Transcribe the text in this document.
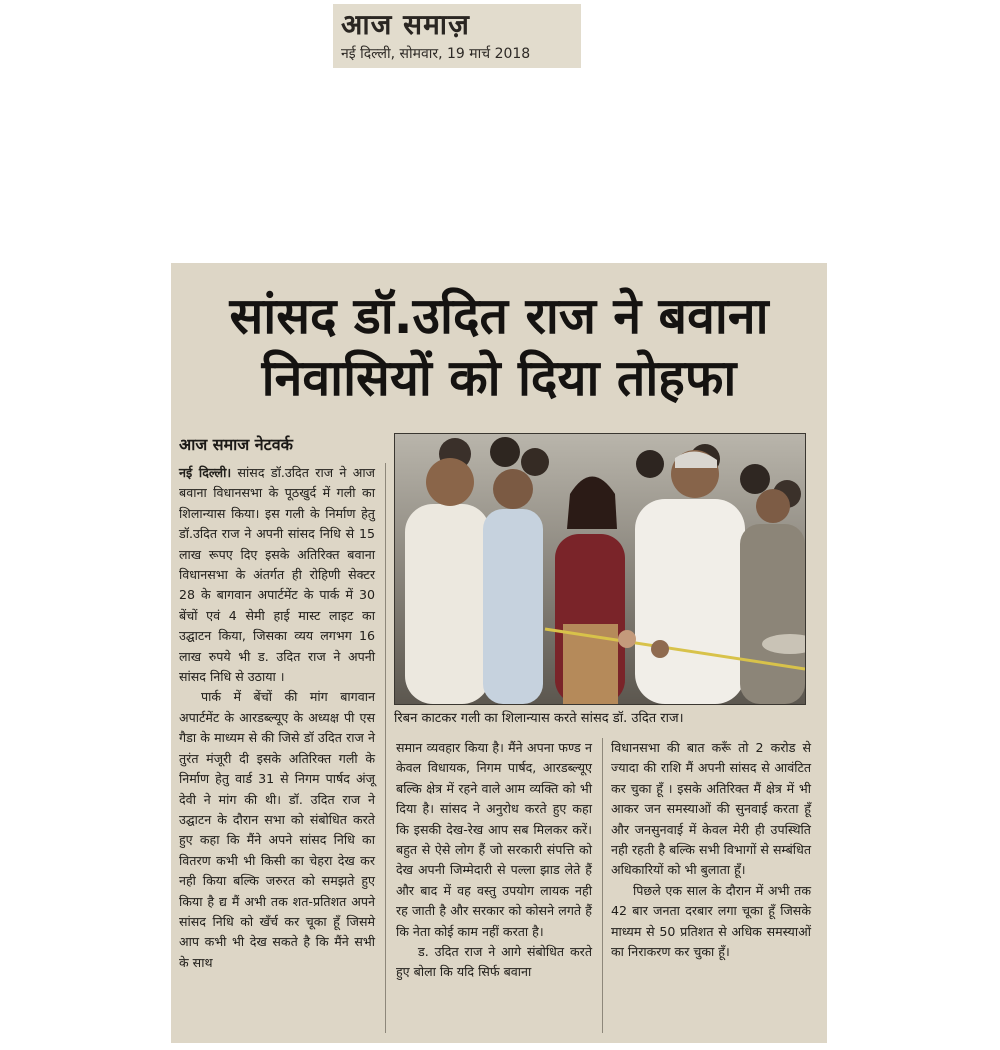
आज समाज़
नई दिल्ली, सोमवार, 19 मार्च 2018
सांसद डॉ.उदित राज ने बवाना
निवासियों को दिया तोहफा
आज समाज नेटवर्क

नई दिल्ली। सांसद डॉ.उदित राज ने आज बवाना विधानसभा के पूठखुर्द में गली का शिलान्यास किया। इस गली के निर्माण हेतु डॉ.उदित राज ने अपनी सांसद निधि से 15 लाख रूपए दिए इसके अतिरिक्त बवाना विधानसभा के अंतर्गत ही रोहिणी सेक्टर 28 के बागवान अपार्टमेंट के पार्क में 30 बेंचों एवं 4 सेमी हाई मास्ट लाइट का उद्घाटन किया, जिसका व्यय लगभग 16 लाख रुपये भी ड. उदित राज ने अपनी सांसद निधि से उठाया ।

पार्क में बेंचों की मांग बागवान अपार्टमेंट के आरडब्ल्यूए के अध्यक्ष पी एस गैडा के माध्यम से की जिसे डॉ उदित राज ने तुरंत मंजूरी दी इसके अतिरिक्त गली के निर्माण हेतु वार्ड 31 से निगम पार्षद अंजू देवी ने मांग की थी। डॉ. उदित राज ने उद्घाटन के दौरान सभा को संबोधित करते हुए कहा कि मैंने अपने सांसद निधि का वितरण कभी भी किसी का चेहरा देख कर नही किया बल्कि जरुरत को समझते हुए किया है द्य मैं अभी तक शत-प्रतिशत अपने सांसद निधि को खँर्च कर चूका हूँ जिसमे आप कभी भी देख सकते है कि मैंने सभी के साथ

रिबन काटकर गली का शिलान्यास करते सांसद डॉ. उदित राज।

समान व्यवहार किया है। मैंने अपना फण्ड न केवल विधायक, निगम पार्षद, आरडब्ल्यूए बल्कि क्षेत्र में रहने वाले आम व्यक्ति को भी दिया है। सांसद ने अनुरोध करते हुए कहा कि इसकी देख-रेख आप सब मिलकर करें। बहुत से ऐसे लोग हैं जो सरकारी संपत्ति को देख अपनी जिम्मेदारी से पल्ला झाड लेते हैं और बाद में वह वस्तु उपयोग लायक नही रह जाती है और सरकार को कोसने लगते हैं कि नेता कोई काम नहीं करता है।

ड. उदित राज ने आगे संबोधित करते हुए बोला कि यदि सिर्फ बवाना

विधानसभा की बात करूँ तो 2 करोड से ज्यादा की राशि मैं अपनी सांसद से आवंटित कर चुका हूँ । इसके अतिरिक्त मैं क्षेत्र में भी आकर जन समस्याओं की सुनवाई करता हूँ और जनसुनवाई में केवल मेरी ही उपस्थिति नही रहती है बल्कि सभी विभागों से सम्बंधित अधिकारियों को भी बुलाता हूँ।

पिछले एक साल के दौरान में अभी तक 42 बार जनता दरबार लगा चूका हूँ जिसके माध्यम से 50 प्रतिशत से अधिक समस्याओं का निराकरण कर चुका हूँ।
